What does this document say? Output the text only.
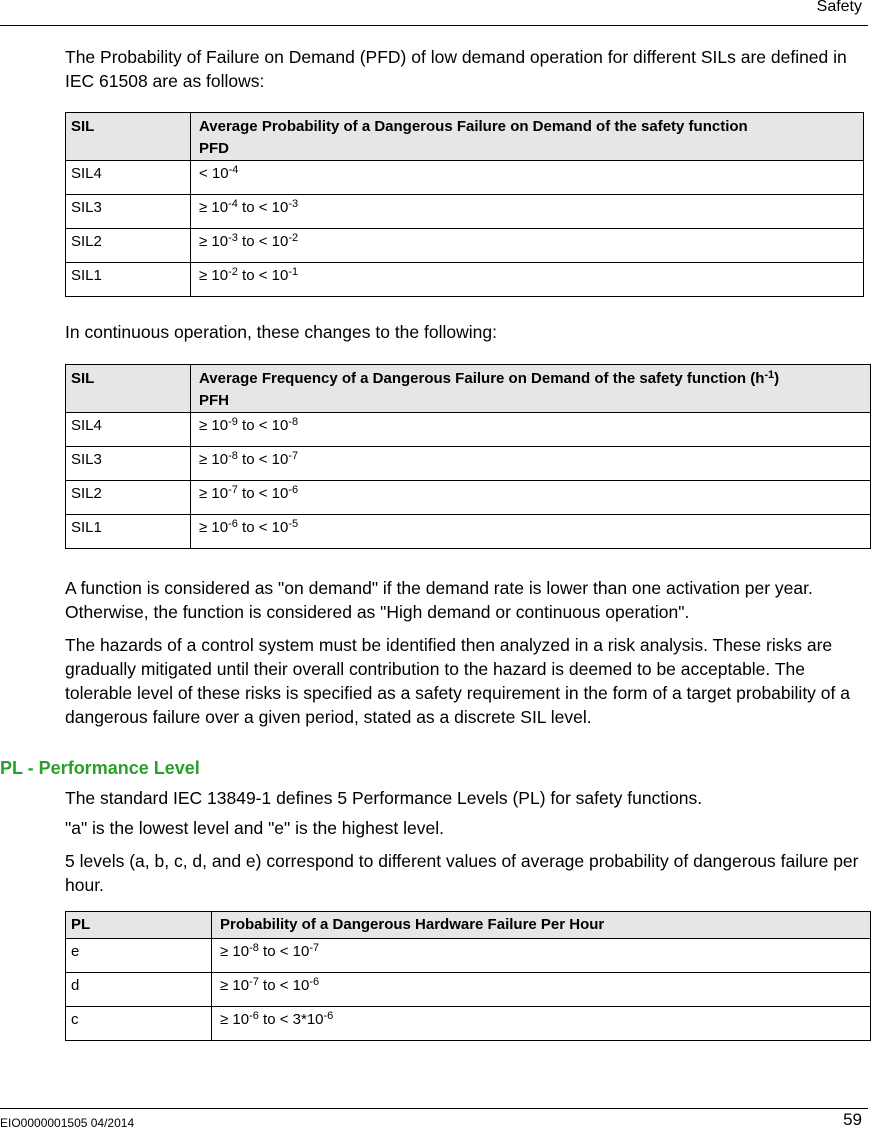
Safety

The Probability of Failure on Demand (PFD) of low demand operation for different SILs are defined in IEC 61508 are as follows:

SIL	Average Probability of a Dangerous Failure on Demand of the safety function
PFD

SIL4	< $10^{-4}$
SIL3	≥ $10^{-4}$ to < $10^{-3}$
SIL2	≥ $10^{-3}$ to < $10^{-2}$
SIL1	≥ $10^{-2}$ to < $10^{-1}$

In continuous operation, these changes to the following:

SIL	Average Frequency of a Dangerous Failure on Demand of the safety function $(h^{-1})$
PFH

SIL4	≥ $10^{-9}$ to < $10^{-8}$
SIL3	≥ $10^{-8}$ to < $10^{-7}$
SIL2	≥ $10^{-7}$ to < $10^{-6}$
SIL1	≥ $10^{-6}$ to < $10^{-5}$

A function is considered as "on demand" if the demand rate is lower than one activation per year. Otherwise, the function is considered as "High demand or continuous operation".

The hazards of a control system must be identified then analyzed in a risk analysis. These risks are gradually mitigated until their overall contribution to the hazard is deemed to be acceptable. The tolerable level of these risks is specified as a safety requirement in the form of a target probability of a dangerous failure over a given period, stated as a discrete SIL level.

PL - Performance Level

The standard IEC 13849-1 defines 5 Performance Levels (PL) for safety functions.

"a" is the lowest level and "e" is the highest level.

5 levels (a, b, c, d, and e) correspond to different values of average probability of dangerous failure per hour.

PL	Probability of a Dangerous Hardware Failure Per Hour
e	≥ $10^{-8}$ to < $10^{-7}$
d	≥ $10^{-7}$ to < $10^{-6}$
c	≥ $10^{-6}$ to < $3*10^{-6}$
EIO0000001505 04/2014	59
